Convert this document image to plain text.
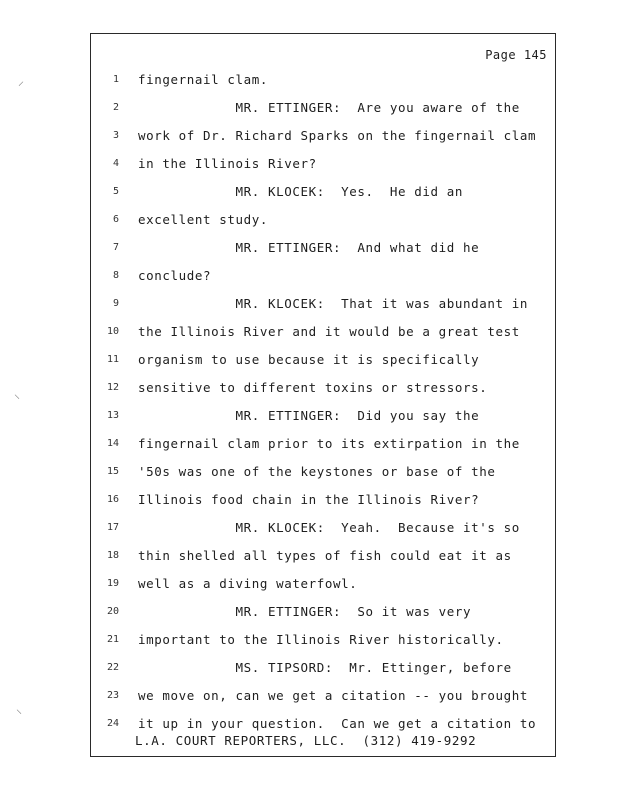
Page 145
1 fingernail clam.
2 MR. ETTINGER:  Are you aware of the
3 work of Dr. Richard Sparks on the fingernail clam
4 in the Illinois River?
5 MR. KLOCEK:  Yes.  He did an
6 excellent study.
7 MR. ETTINGER:  And what did he
8 conclude?
9 MR. KLOCEK:  That it was abundant in
10 the Illinois River and it would be a great test
11 organism to use because it is specifically
12 sensitive to different toxins or stressors.
13 MR. ETTINGER:  Did you say the
14 fingernail clam prior to its extirpation in the
15 '50s was one of the keystones or base of the
16 Illinois food chain in the Illinois River?
17 MR. KLOCEK:  Yeah.  Because it's so
18 thin shelled all types of fish could eat it as
19 well as a diving waterfowl.
20 MR. ETTINGER:  So it was very
21 important to the Illinois River historically.
22 MS. TIPSORD:  Mr. Ettinger, before
23 we move on, can we get a citation -- you brought
24 it up in your question.  Can we get a citation to
L.A. COURT REPORTERS, LLC.  (312) 419-9292
⸝
⸜
⸜
